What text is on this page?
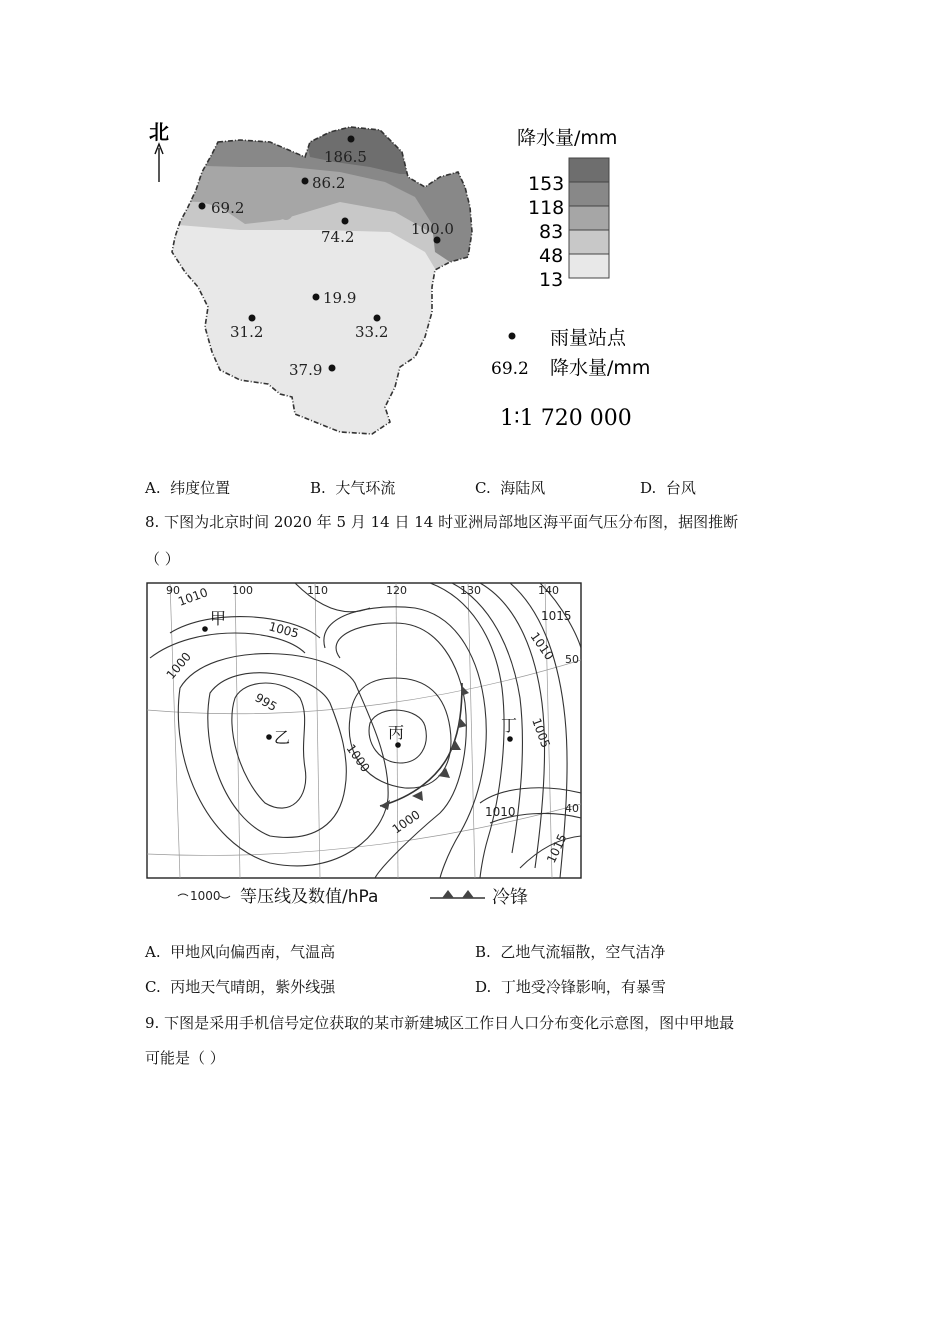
北
186.5
86.2
69.2
74.2	100.0
19.9
31.2	33.2
37.9
降水量/mm
153
118
83
48
13
雨量站点
69.2 降水量/mm
1∶1 720 000
A. 纬度位置	B. 大气环流	C. 海陆风	D. 台风
8. 下图为北京时间 2020 年 5 月 14 日 14 时亚洲局部地区海平面气压分布图，据图推断
（ ）
90	100	110	120	130	140
50
40
1010
1005
1000
995
1000
1000	1010
1015
1010
1005
1015
甲
乙	丙	丁
1000 等压线及数值/hPa	冷锋
A. 甲地风向偏西南，气温高	B. 乙地气流辐散，空气洁净
C. 丙地天气晴朗，紫外线强	D. 丁地受冷锋影响，有暴雪
9. 下图是采用手机信号定位获取的某市新建城区工作日人口分布变化示意图，图中甲地最
可能是（ ）
